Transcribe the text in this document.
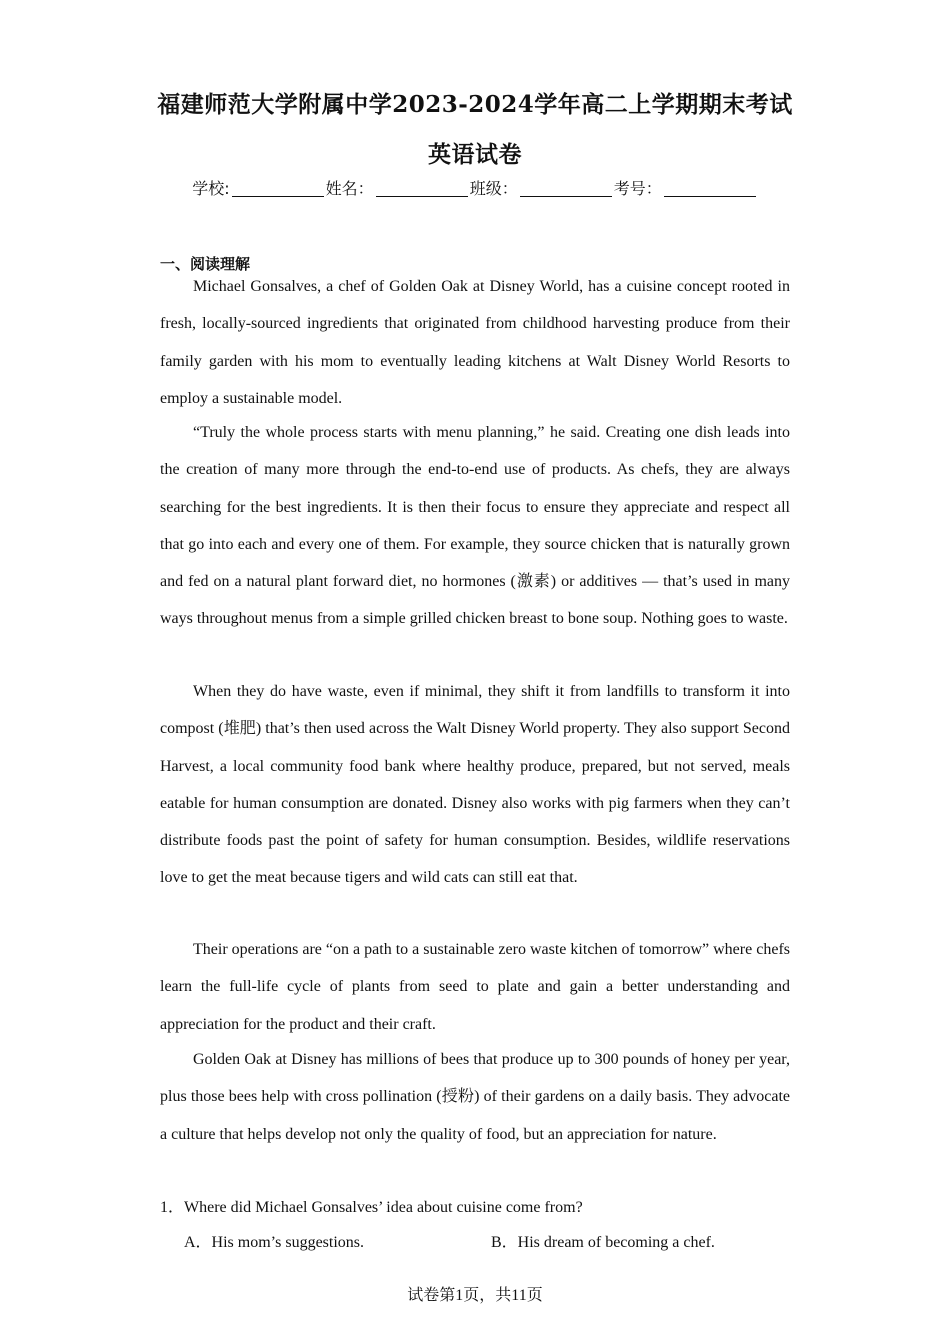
福建师范大学附属中学2023-2024学年高二上学期期末考试
英语试卷
学校:	姓名：	班级：	考号：
一、阅读理解

Michael Gonsalves, a chef of Golden Oak at Disney World, has a cuisine concept rooted in fresh, locally-sourced ingredients that originated from childhood harvesting produce from their family garden with his mom to eventually leading kitchens at Walt Disney World Resorts to employ a sustainable model.

“Truly the whole process starts with menu planning,” he said. Creating one dish leads into the creation of many more through the end-to-end use of products. As chefs, they are always searching for the best ingredients. It is then their focus to ensure they appreciate and respect all that go into each and every one of them. For example, they source chicken that is naturally grown and fed on a natural plant forward diet, no hormones (激素) or additives — that’s used in many ways throughout menus from a simple grilled chicken breast to bone soup. Nothing goes to waste.

When they do have waste, even if minimal, they shift it from landfills to transform it into compost (堆肥) that’s then used across the Walt Disney World property. They also support Second Harvest, a local community food bank where healthy produce, prepared, but not served, meals eatable for human consumption are donated. Disney also works with pig farmers when they can’t distribute foods past the point of safety for human consumption. Besides, wildlife reservations love to get the meat because tigers and wild cats can still eat that.

Their operations are “on a path to a sustainable zero waste kitchen of tomorrow” where chefs learn the full-life cycle of plants from seed to plate and gain a better understanding and appreciation for the product and their craft.

Golden Oak at Disney has millions of bees that produce up to 300 pounds of honey per year, plus those bees help with cross pollination (授粉) of their gardens on a daily basis. They advocate a culture that helps develop not only the quality of food, but an appreciation for nature.

1．Where did Michael Gonsalves’ idea about cuisine come from?
A．His mom’s suggestions.	B．His dream of becoming a chef.
试卷第1页，共11页
